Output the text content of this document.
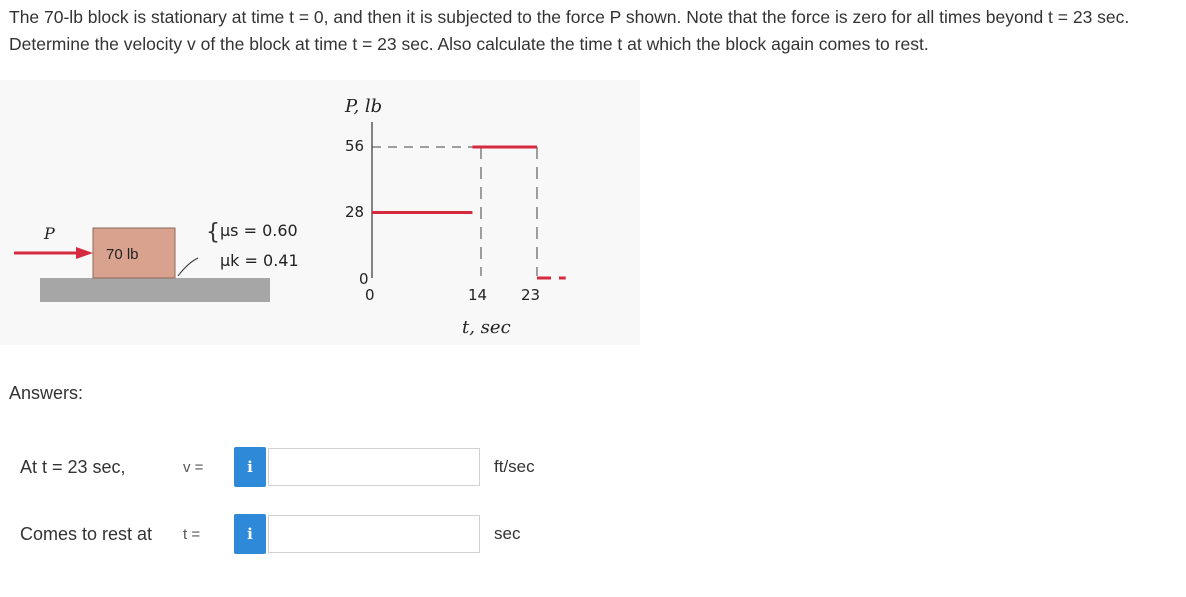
The 70-lb block is stationary at time t = 0, and then it is subjected to the force P shown. Note that the force is zero for all times beyond t = 23 sec. Determine the velocity v of the block at time t = 23 sec. Also calculate the time t at which the block again comes to rest.
70 lb
P	{ μs = 0.60
μk = 0.41
P, lb
t, sec
56
28
0
0	14 23
Answers:
At t = 23 sec,	v =	i	ft/sec
Comes to rest at t =	i	sec
